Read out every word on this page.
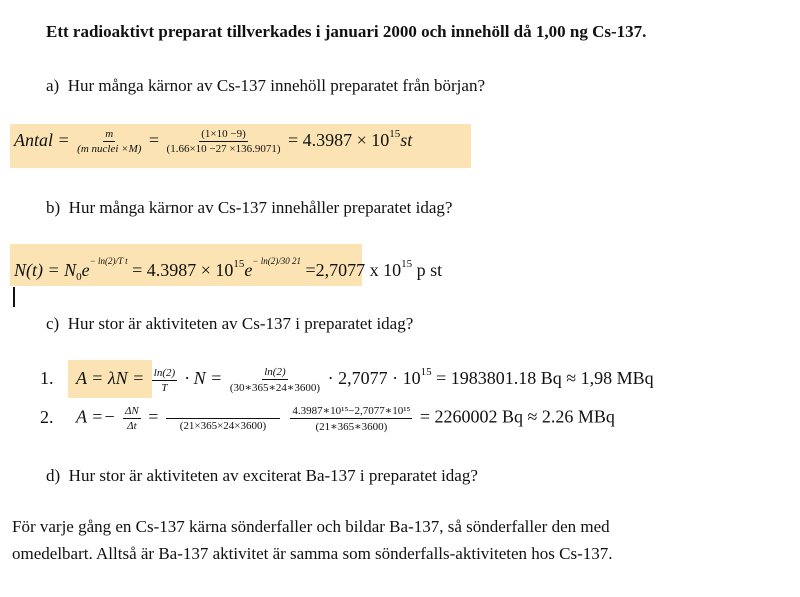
Ett radioaktivt preparat tillverkades i januari 2000 och innehöll då 1,00 ng Cs-137.
a) Hur många kärnor av Cs-137 innehöll preparatet från början?
Antal = $\frac{m}{\text{(m nuclei ×M)}} = \frac{(1\times 10 -9)}{(1.66\times 10 -27 \times 136.9071)} = 4.3987 \times 10^{15}st$
b) Hur många kärnor av Cs-137 innehåller preparatet idag?
$N(t) = N_0e^{- ln(2)/T t} = 4.3987 \times 10^{15}e^{- ln(2)/30 21} =2,7077$ x $10^{15}$ p st
c) Hur stor är aktiviteten av Cs-137 i preparatet idag?
1. $A = \lambda N = \frac{\ln(2)}{T} \cdot N = \frac{\ln(2)}{(30∗365∗24∗3600)} \cdot 2,7077 \cdot 10^{15} = 1983801.18$ Bq ≈ 1,98 MBq
2. $A =- \frac{\Delta N}{\Delta t} = (21\times 365\times 24\times 3600)$
$\frac{\text{4.3987∗10¹⁵−2,7077∗10¹⁵}}{(21∗365∗3600)} = 2260002$ Bq ≈ 2.26 MBq
d) Hur stor är aktiviteten av exciterat Ba-137 i preparatet idag?
För varje gång en Cs-137 kärna sönderfaller och bildar Ba-137, så sönderfaller den med
omedelbart. Alltså är Ba-137 aktivitet är samma som sönderfalls-aktiviteten hos Cs-137.
